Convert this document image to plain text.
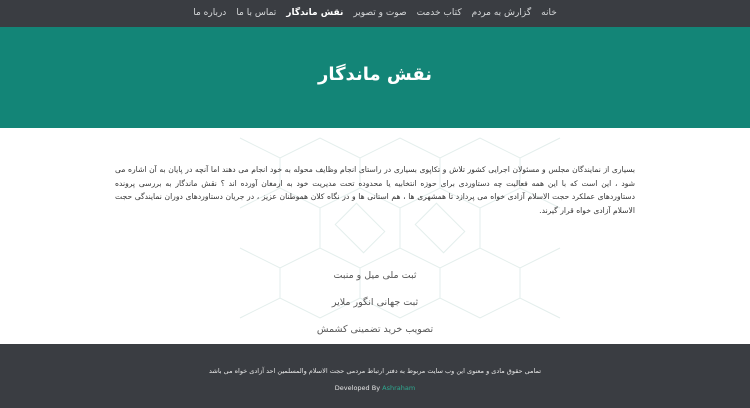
خانه
گزارش به مردم
کتاب خدمت
صوت و تصویر
نقش ماندگار
تماس با ما
درباره ما
نقش ماندگار

بسیاری از نمایندگان مجلس و مسئولان اجرایی کشور تلاش و تکاپوی بسیاری در راستای انجام وظایف محوله به خود انجام می دهند اما آنچه در پایان به آن اشاره می شود ، این است که با این همه فعالیت چه دستاوردی برای حوزه انتخابیه یا محدوده تحت مدیریت خود به ارمغان آورده اند ؟ نقش ماندگار به بررسی پرونده دستاوردهای عملکرد حجت الاسلام آزادی خواه می پردازد تا همشهری ها ، هم استانی ها و در نگاه کلان هموطنان عزیز ، در جریان دستاوردهای دوران نمایندگی حجت الاسلام آزادی خواه قرار گیرند.

ثبت ملی میل و منبت
ثبت جهانی انگور ملایر
تصویب خرید تضمینی کشمش
تمامی حقوق مادی و معنوی این وب سایت مربوط به دفتر ارتباط مردمی حجت الاسلام والمسلمین احد آزادی خواه می باشد
Developed By Ashraham
